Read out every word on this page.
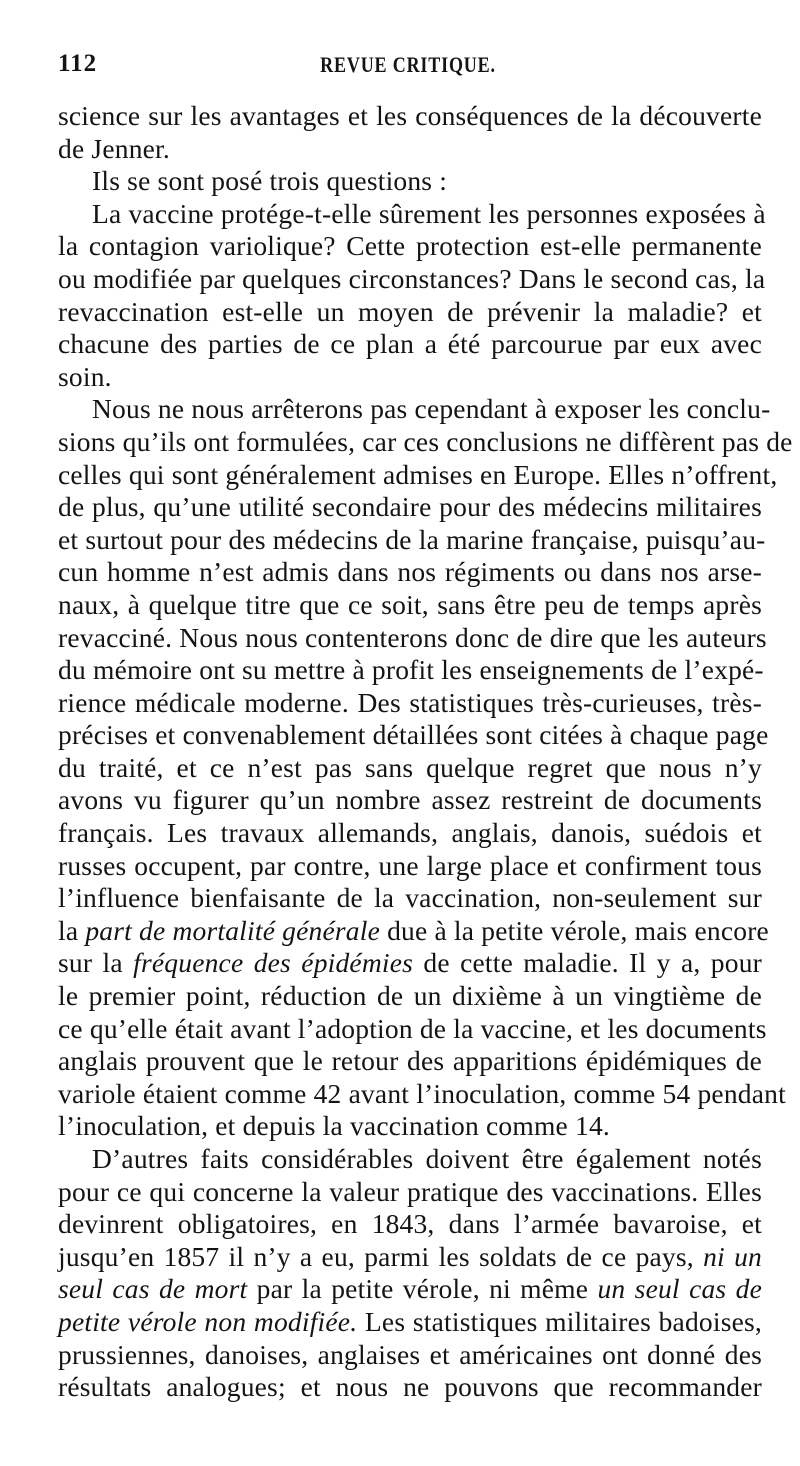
112	REVUE CRITIQUE.
science sur les avantages et les conséquences de la découverte
de Jenner.
Ils se sont posé trois questions :
La vaccine protége-t-elle sûrement les personnes exposées à
la contagion variolique? Cette protection est-elle permanente
ou modifiée par quelques circonstances? Dans le second cas, la
revaccination est-elle un moyen de prévenir la maladie? et
chacune des parties de ce plan a été parcourue par eux avec
soin.
Nous ne nous arrêterons pas cependant à exposer les conclu-
sions qu’ils ont formulées, car ces conclusions ne diffèrent pas de
celles qui sont généralement admises en Europe. Elles n’offrent,
de plus, qu’une utilité secondaire pour des médecins militaires
et surtout pour des médecins de la marine française, puisqu’au-
cun homme n’est admis dans nos régiments ou dans nos arse-
naux, à quelque titre que ce soit, sans être peu de temps après
revacciné. Nous nous contenterons donc de dire que les auteurs
du mémoire ont su mettre à profit les enseignements de l’expé-
rience médicale moderne. Des statistiques très-curieuses, très-
précises et convenablement détaillées sont citées à chaque page
du traité, et ce n’est pas sans quelque regret que nous n’y
avons vu figurer qu’un nombre assez restreint de documents
français. Les travaux allemands, anglais, danois, suédois et
russes occupent, par contre, une large place et confirment tous
l’influence bienfaisante de la vaccination, non-seulement sur
la part de mortalité générale due à la petite vérole, mais encore
sur la fréquence des épidémies de cette maladie. Il y a, pour
le premier point, réduction de un dixième à un vingtième de
ce qu’elle était avant l’adoption de la vaccine, et les documents
anglais prouvent que le retour des apparitions épidémiques de
variole étaient comme 42 avant l’inoculation, comme 54 pendant
l’inoculation, et depuis la vaccination comme 14.
D’autres faits considérables doivent être également notés
pour ce qui concerne la valeur pratique des vaccinations. Elles
devinrent obligatoires, en 1843, dans l’armée bavaroise, et
jusqu’en 1857 il n’y a eu, parmi les soldats de ce pays, ni un
seul cas de mort par la petite vérole, ni même un seul cas de
petite vérole non modifiée. Les statistiques militaires badoises,
prussiennes, danoises, anglaises et américaines ont donné des
résultats analogues; et nous ne pouvons que recommander
